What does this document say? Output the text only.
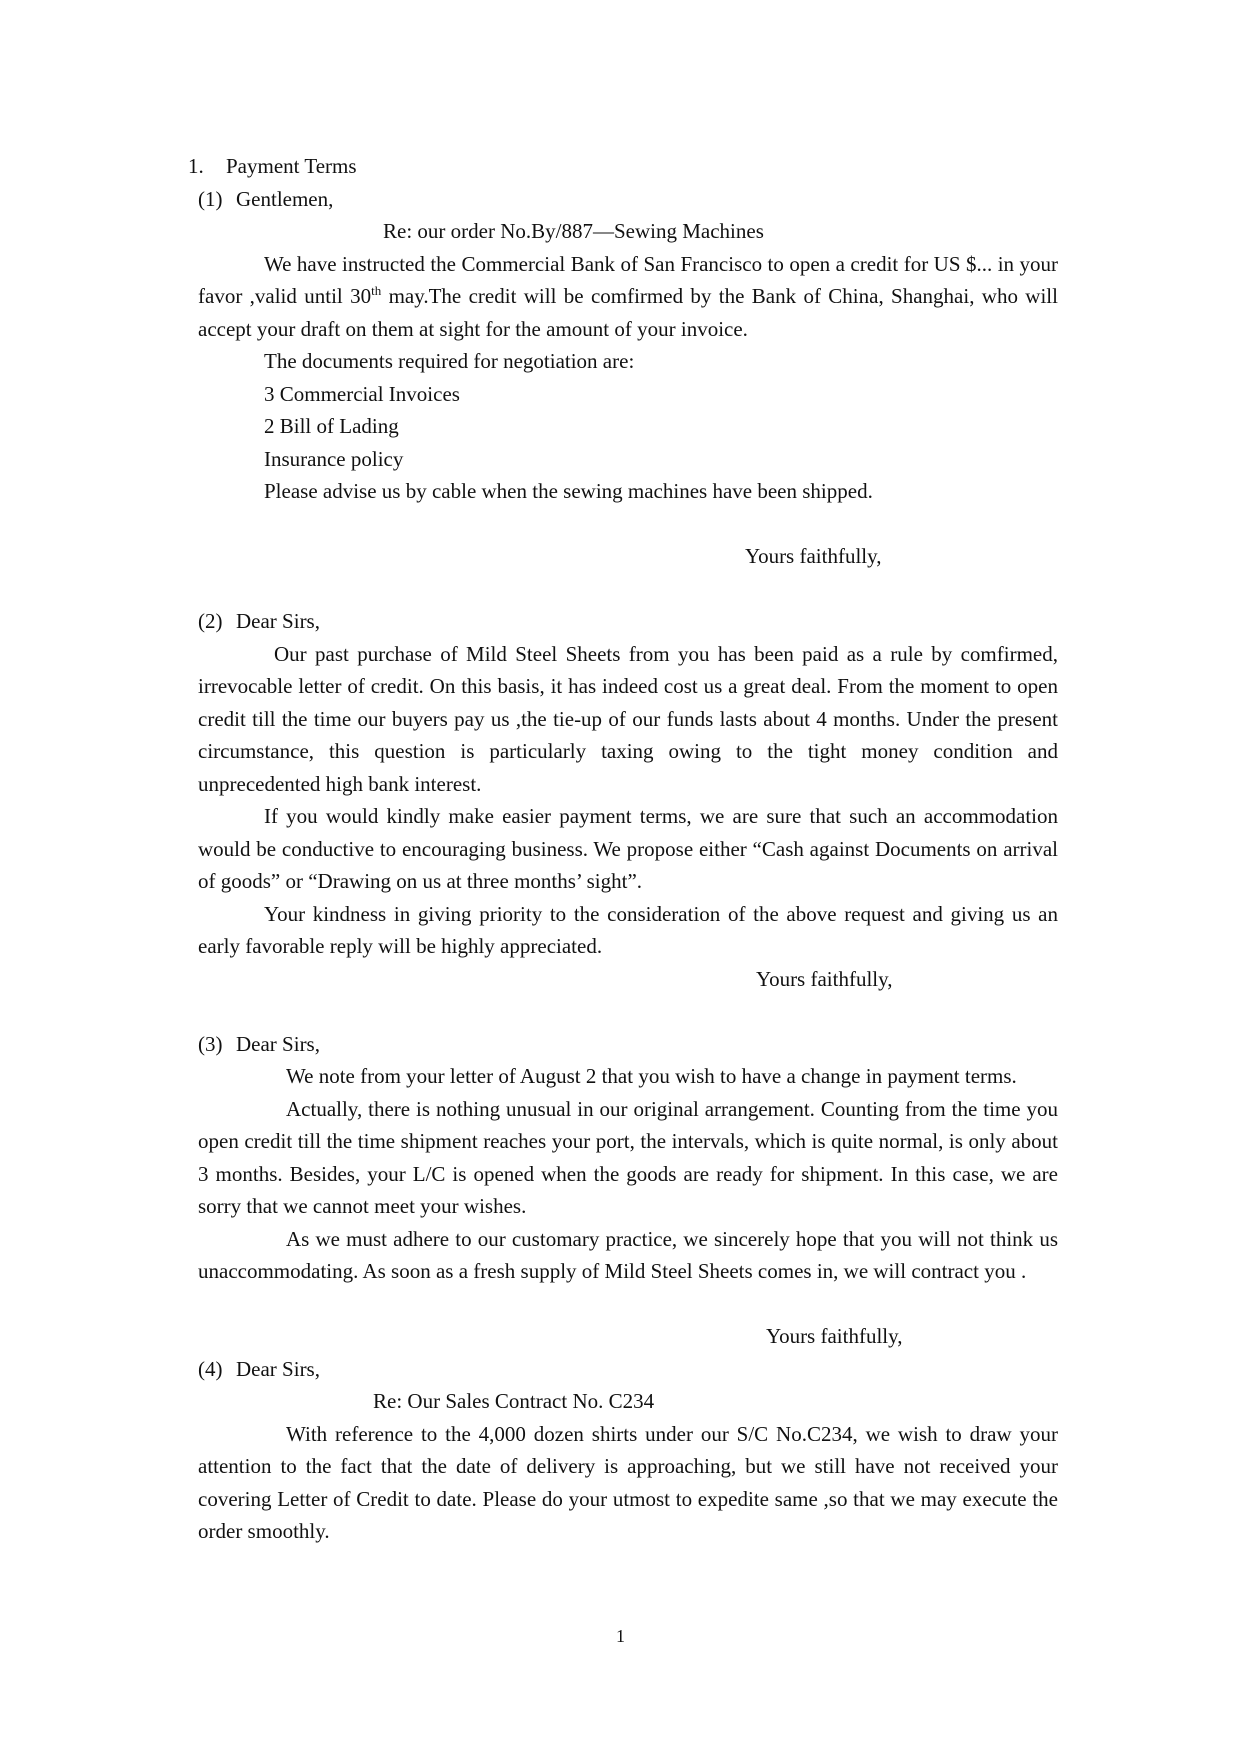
1. Payment Terms

(1) Gentlemen,

Re: our order No.By/887—Sewing Machines

We have instructed the Commercial Bank of San Francisco to open a credit for US $... in your favor ,valid until 30th may.The credit will be comfirmed by the Bank of China, Shanghai, who will accept your draft on them at sight for the amount of your invoice.

The documents required for negotiation are:

3 Commercial Invoices

2 Bill of Lading

Insurance policy

Please advise us by cable when the sewing machines have been shipped.

Yours faithfully,

(2) Dear Sirs,

Our past purchase of Mild Steel Sheets from you has been paid as a rule by comfirmed, irrevocable letter of credit. On this basis, it has indeed cost us a great deal. From the moment to open credit till the time our buyers pay us ,the tie-up of our funds lasts about 4 months. Under the present circumstance, this question is particularly taxing owing to the tight money condition and unprecedented high bank interest.

If you would kindly make easier payment terms, we are sure that such an accommodation would be conductive to encouraging business. We propose either “Cash against Documents on arrival of goods” or “Drawing on us at three months’ sight”.

Your kindness in giving priority to the consideration of the above request and giving us an early favorable reply will be highly appreciated.

Yours faithfully,

(3) Dear Sirs,

We note from your letter of August 2 that you wish to have a change in payment terms.

Actually, there is nothing unusual in our original arrangement. Counting from the time you open credit till the time shipment reaches your port, the intervals, which is quite normal, is only about 3 months. Besides, your L/C is opened when the goods are ready for shipment. In this case, we are sorry that we cannot meet your wishes.

As we must adhere to our customary practice, we sincerely hope that you will not think us unaccommodating. As soon as a fresh supply of Mild Steel Sheets comes in, we will contract you .

Yours faithfully,

(4) Dear Sirs,

Re: Our Sales Contract No. C234

With reference to the 4,000 dozen shirts under our S/C No.C234, we wish to draw your attention to the fact that the date of delivery is approaching, but we still have not received your covering Letter of Credit to date. Please do your utmost to expedite same ,so that we may execute the order smoothly.

1
